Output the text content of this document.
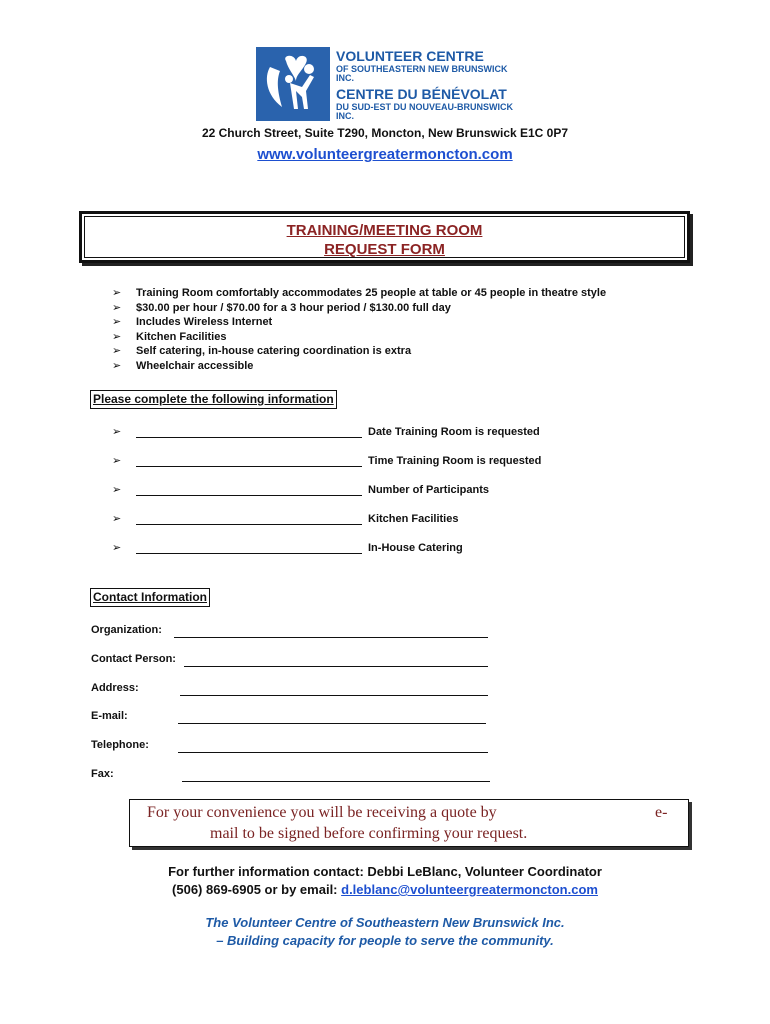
VOLUNTEER CENTRE
OF SOUTHEASTERN NEW BRUNSWICK INC.
CENTRE DU BÉNÉVOLAT
DU SUD-EST DU NOUVEAU-BRUNSWICK INC.
22 Church Street, Suite T290, Moncton, New Brunswick E1C 0P7
www.volunteergreatermoncton.com
TRAINING/MEETING ROOM
REQUEST FORM
➢ Training Room comfortably accommodates 25 people at table or 45 people in theatre style
➢ $30.00 per hour / $70.00 for a 3 hour period / $130.00 full day
➢ Includes Wireless Internet
➢ Kitchen Facilities
➢ Self catering, in-house catering coordination is extra
➢ Wheelchair accessible
Please complete the following information
➢	Date Training Room is requested
➢	Time Training Room is requested
➢	Number of Participants
➢	Kitchen Facilities
➢	In-House Catering
Contact Information
Organization:
Contact Person:
Address:
E-mail:
Telephone:
Fax:
For your convenience you will be receiving a quote by	e-
mail to be signed before confirming your request.
For further information contact: Debbi LeBlanc, Volunteer Coordinator
(506) 869-6905 or by email: d.leblanc@volunteergreatermoncton.com
The Volunteer Centre of Southeastern New Brunswick Inc.
– Building capacity for people to serve the community.
